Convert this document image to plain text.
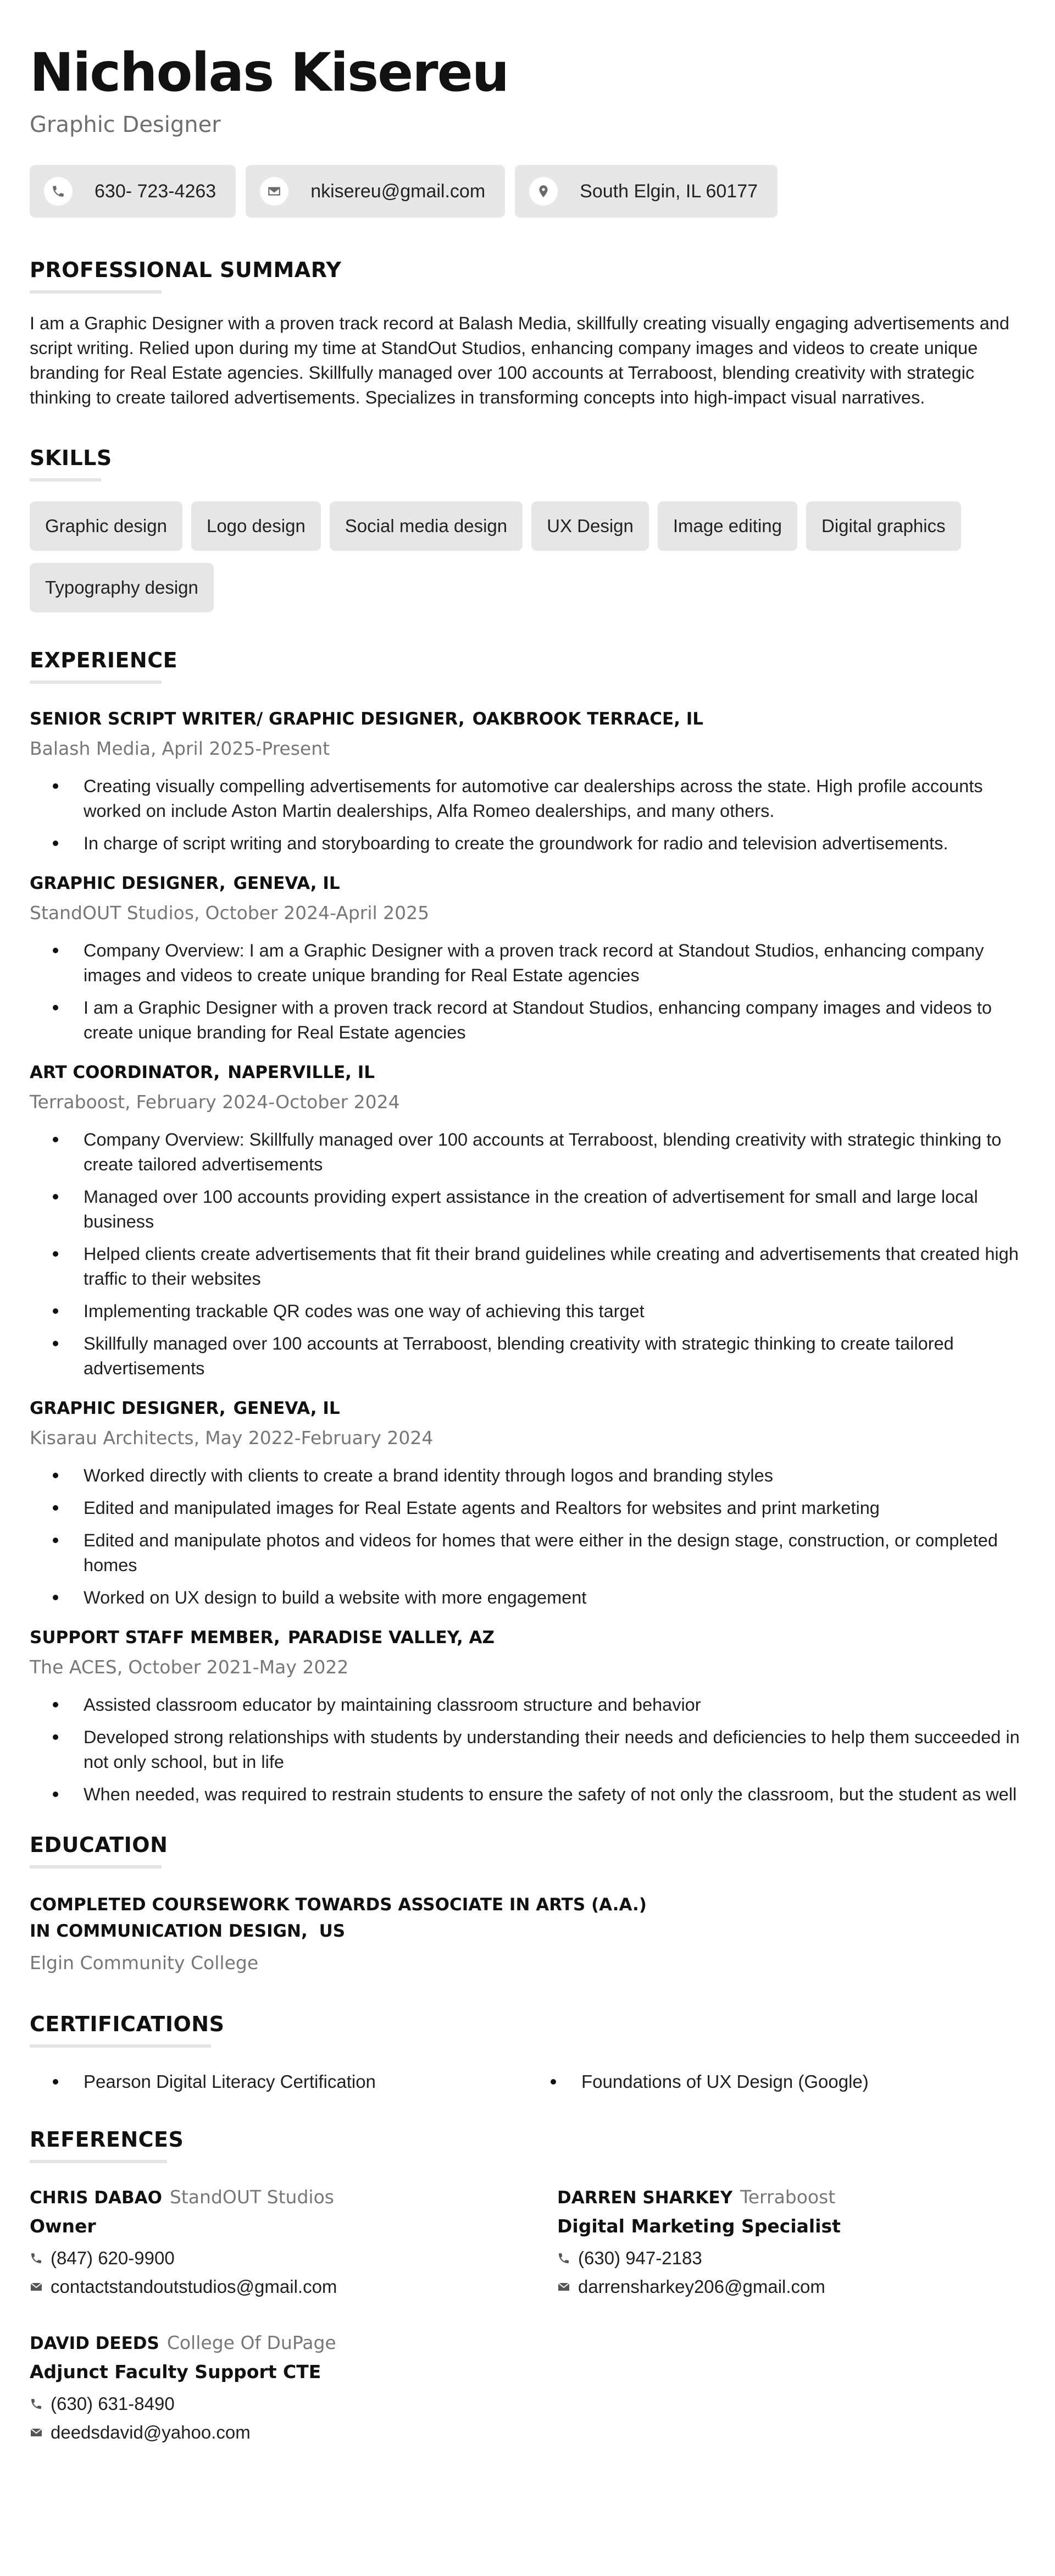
Nicholas Kisereu
Graphic Designer
630- 723-4263	nkisereu@gmail.com	South Elgin, IL 60177
PROFESSIONAL SUMMARY

I am a Graphic Designer with a proven track record at Balash Media, skillfully creating visually engaging advertisements and script writing. Relied upon during my time at StandOut Studios, enhancing company images and videos to create unique branding for Real Estate agencies. Skillfully managed over 100 accounts at Terraboost, blending creativity with strategic thinking to create tailored advertisements. Specializes in transforming concepts into high-impact visual narratives.

SKILLS
Graphic design	Logo design	Social media design	UX Design	Image editing	Digital graphics
Typography design
EXPERIENCE
SENIOR SCRIPT WRITER/ GRAPHIC DESIGNER, OAKBROOK TERRACE, IL
Balash Media, April 2025-Present
Creating visually compelling advertisements for automotive car dealerships across the state. High profile accounts worked on include Aston Martin dealerships, Alfa Romeo dealerships, and many others.
In charge of script writing and storyboarding to create the groundwork for radio and television advertisements.
GRAPHIC DESIGNER, GENEVA, IL
StandOUT Studios, October 2024-April 2025
Company Overview: I am a Graphic Designer with a proven track record at Standout Studios, enhancing company images and videos to create unique branding for Real Estate agencies
I am a Graphic Designer with a proven track record at Standout Studios, enhancing company images and videos to create unique branding for Real Estate agencies
ART COORDINATOR, NAPERVILLE, IL
Terraboost, February 2024-October 2024
Company Overview: Skillfully managed over 100 accounts at Terraboost, blending creativity with strategic thinking to create tailored advertisements
Managed over 100 accounts providing expert assistance in the creation of advertisement for small and large local business
Helped clients create advertisements that fit their brand guidelines while creating and advertisements that created high traffic to their websites
Implementing trackable QR codes was one way of achieving this target
Skillfully managed over 100 accounts at Terraboost, blending creativity with strategic thinking to create tailored advertisements
GRAPHIC DESIGNER, GENEVA, IL
Kisarau Architects, May 2022-February 2024
Worked directly with clients to create a brand identity through logos and branding styles
Edited and manipulated images for Real Estate agents and Realtors for websites and print marketing
Edited and manipulate photos and videos for homes that were either in the design stage, construction, or completed homes
Worked on UX design to build a website with more engagement
SUPPORT STAFF MEMBER, PARADISE VALLEY, AZ
The ACES, October 2021-May 2022
Assisted classroom educator by maintaining classroom structure and behavior
Developed strong relationships with students by understanding their needs and deficiencies to help them succeeded in not only school, but in life
When needed, was required to restrain students to ensure the safety of not only the classroom, but the student as well
EDUCATION
COMPLETED COURSEWORK TOWARDS ASSOCIATE IN ARTS (A.A.) IN COMMUNICATION DESIGN, US
Elgin Community College
CERTIFICATIONS
Pearson Digital Literacy Certification	Foundations of UX Design (Google)
REFERENCES
CHRIS DABAO StandOUT Studios
Owner
(847) 620-9900
contactstandoutstudios@gmail.com
DARREN SHARKEY Terraboost
Digital Marketing Specialist
(630) 947-2183
darrensharkey206@gmail.com
DAVID DEEDS College Of DuPage
Adjunct Faculty Support CTE
(630) 631-8490
deedsdavid@yahoo.com
